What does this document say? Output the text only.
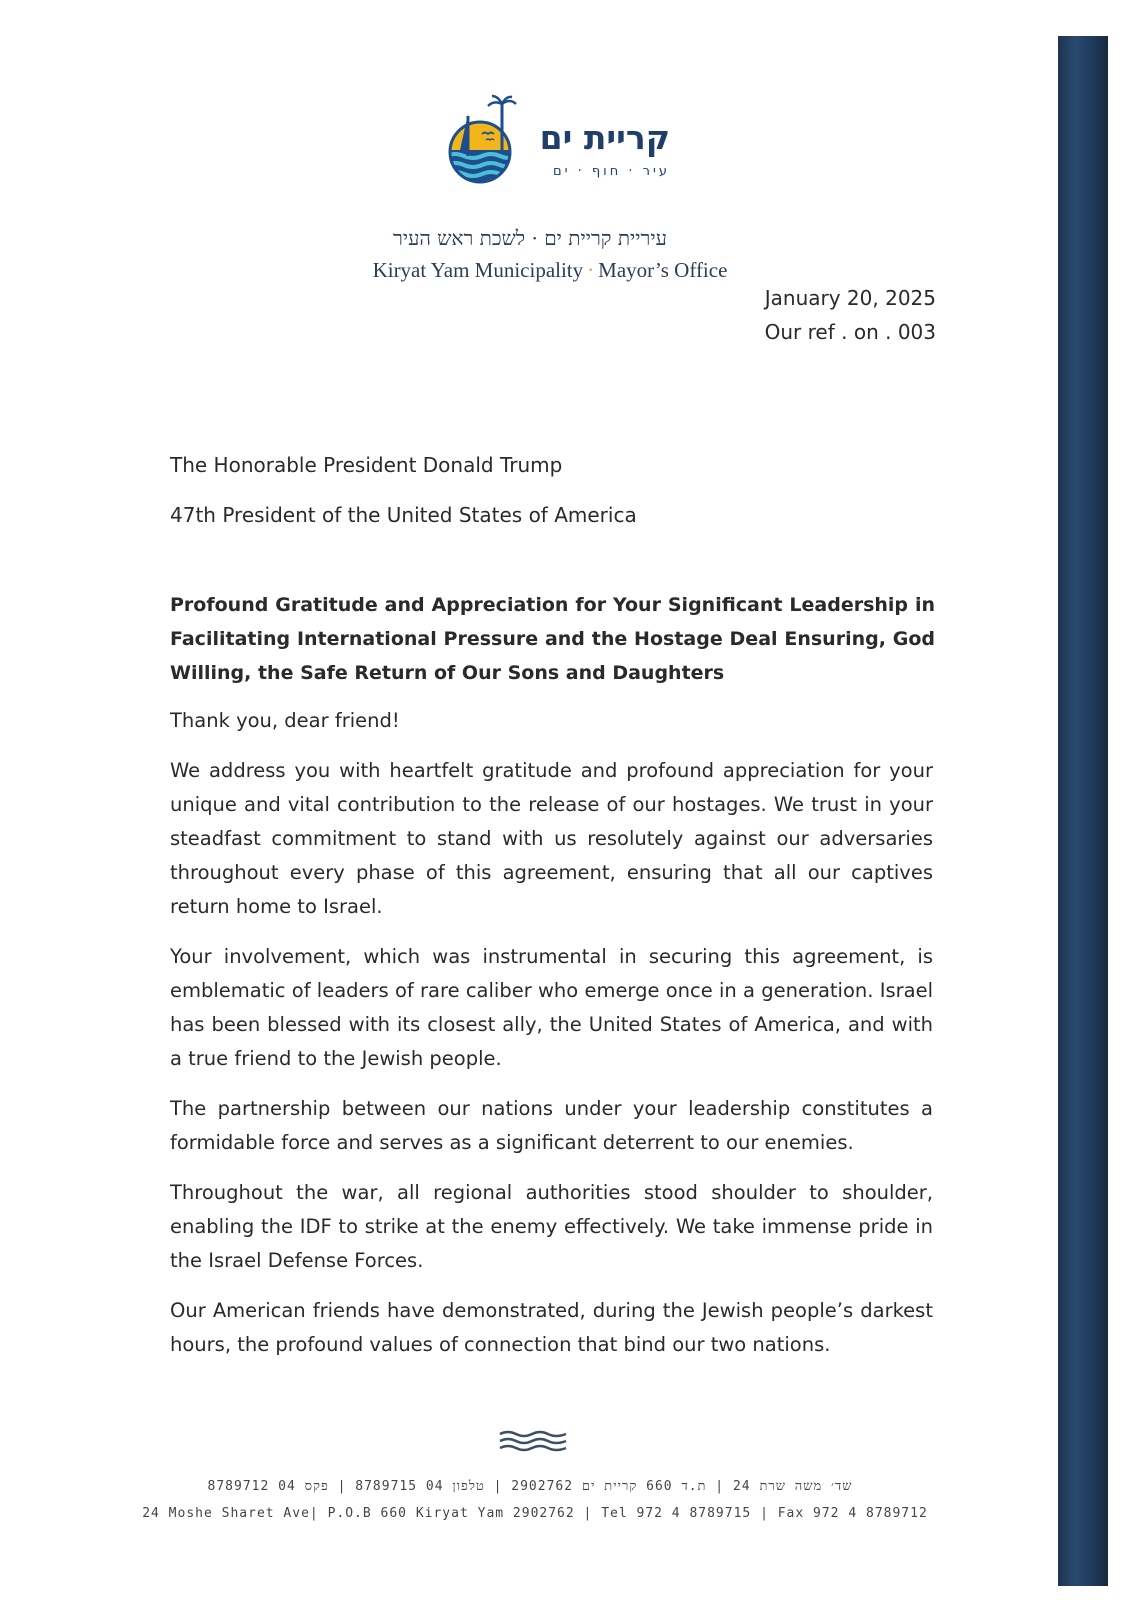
קריית ים
עיר · חוף · ים
עיריית קריית ים · לשכת ראש העיר
Kiryat Yam Municipality · Mayor’s Office
January 20, 2025
Our ref . on . 003
The Honorable President Donald Trump
47th President of the United States of America
Profound Gratitude and Appreciation for Your Significant Leadership in Facilitating International Pressure and the Hostage Deal Ensuring, God Willing, the Safe Return of Our Sons and Daughters

Thank you, dear friend!

We address you with heartfelt gratitude and profound appreciation for your unique and vital contribution to the release of our hostages. We trust in your steadfast commitment to stand with us resolutely against our adversaries throughout every phase of this agreement, ensuring that all our captives return home to Israel.

Your involvement, which was instrumental in securing this agreement, is emblematic of leaders of rare caliber who emerge once in a generation. Israel has been blessed with its closest ally, the United States of America, and with a true friend to the Jewish people.

The partnership between our nations under your leadership constitutes a formidable force and serves as a significant deterrent to our enemies.

Throughout the war, all regional authorities stood shoulder to shoulder, enabling the IDF to strike at the enemy effectively. We take immense pride in the Israel Defense Forces.

Our American friends have demonstrated, during the Jewish people’s darkest hours, the profound values of connection that bind our two nations.

שד׳ משה שרת 24 | ת.ד 660 קריית ים 2902762 | טלפון 04 8789715 | פקס 04 8789712
24 Moshe Sharet Ave| P.O.B 660 Kiryat Yam 2902762 | Tel 972 4 8789715 | Fax 972 4 8789712
